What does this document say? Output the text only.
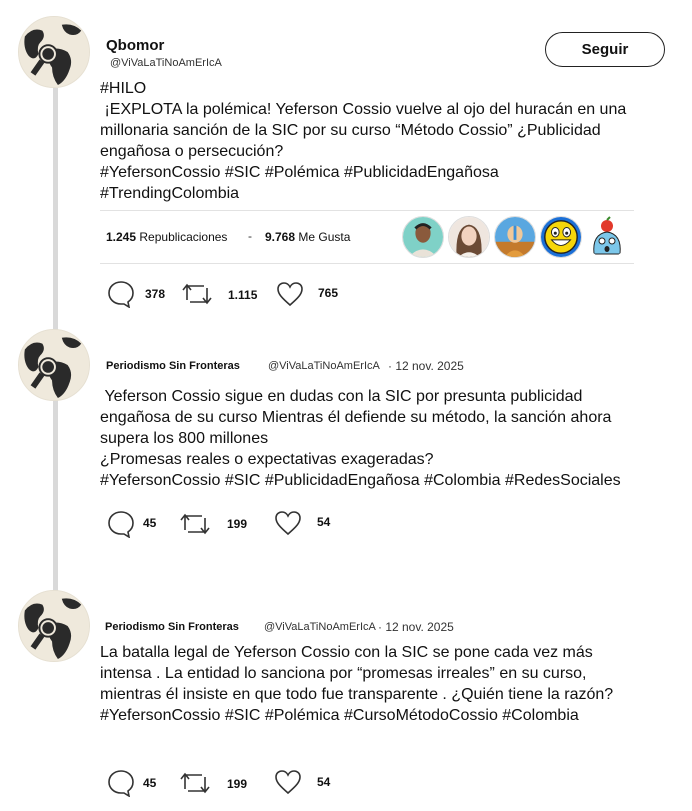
Qbomor
@ViVaLaTiNoAmErIcA
Seguir

#HILO
¡EXPLOTA la polémica! Yeferson Cossio vuelve al ojo del huracán en una
millonaria sanción de la SIC por su curso “Método Cossio” ¿Publicidad
engañosa o persecución?
#YefersonCossio #SIC #Polémica #PublicidadEngañosa
#TrendingColombia

1.245 Republicaciones - 9.768 Me Gusta
378	1.115	765
Periodismo Sin Fronteras	@ViVaLaTiNoAmErIcA · 12 nov. 2025

Yeferson Cossio sigue en dudas con la SIC por presunta publicidad
engañosa de su curso Mientras él defiende su método, la sanción ahora
supera los 800 millones
¿Promesas reales o expectativas exageradas?
#YefersonCossio #SIC #PublicidadEngañosa #Colombia #RedesSociales

45	199	54
Periodismo Sin Fronteras @ViVaLaTiNoAmErIcA · 12 nov. 2025

La batalla legal de Yeferson Cossio con la SIC se pone cada vez más
intensa . La entidad lo sanciona por “promesas irreales” en su curso,
mientras él insiste en que todo fue transparente . ¿Quién tiene la razón?
#YefersonCossio #SIC #Polémica #CursoMétodoCossio #Colombia

45	199	54
